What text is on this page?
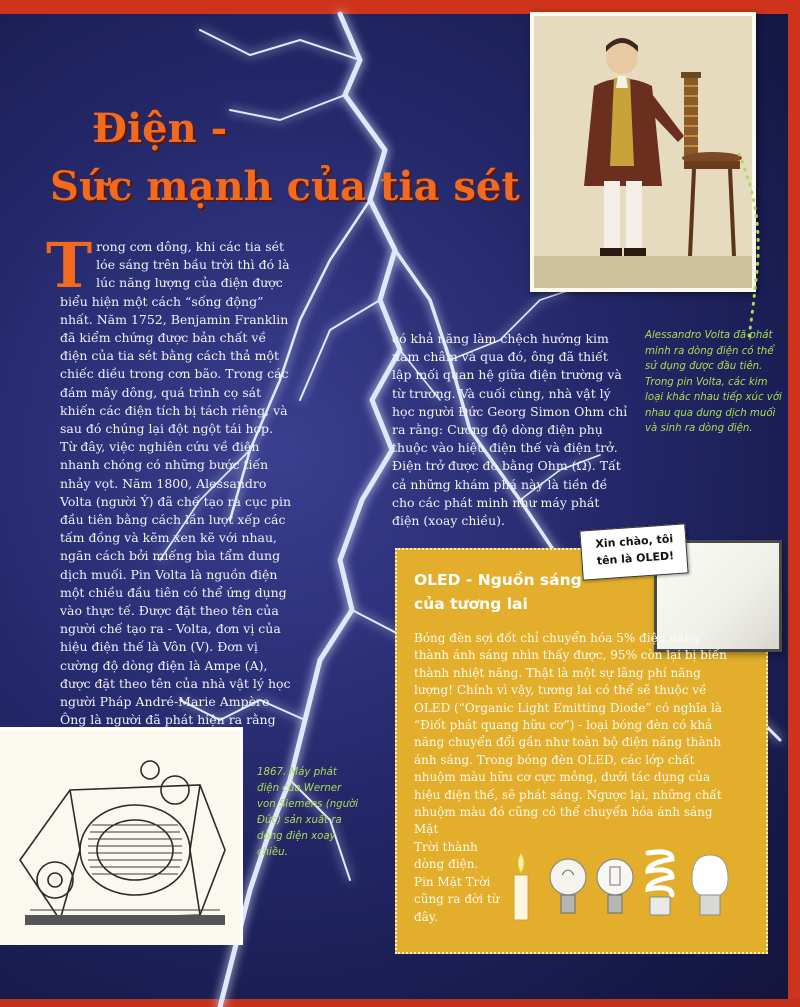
Điện -
Sức mạnh của tia sét

Trong cơn dông, khi các tia sét lóe sáng trên bầu trời thì đó là lúc năng lượng của điện được biểu hiện một cách “sống động” nhất. Năm 1752, Benjamin Franklin đã kiểm chứng được bản chất về điện của tia sét bằng cách thả một chiếc diều trong cơn bão. Trong các đám mây dông, quá trình cọ sát khiến các điện tích bị tách riêng, và sau đó chúng lại đột ngột tái hợp. Từ đây, việc nghiên cứu về điện nhanh chóng có những bước tiến nhảy vọt. Năm 1800, Alessandro Volta (người Ý) đã chế tạo ra cục pin đầu tiên bằng cách lần lượt xếp các tấm đồng và kẽm xen kẽ với nhau, ngăn cách bởi miếng bìa tẩm dung dịch muối. Pin Volta là nguồn điện một chiều đầu tiên có thể ứng dụng vào thực tế. Được đặt theo tên của người chế tạo ra - Volta, đơn vị của hiệu điện thế là Vôn (V). Đơn vị cường độ dòng điện là Ampe (A), được đặt theo tên của nhà vật lý học người Pháp André-Marie Ampère. Ông là người đã phát hiện ra rằng

có khả năng làm chệch hướng kim nam châm và qua đó, ông đã thiết lập mối quan hệ giữa điện trường và từ trường. Và cuối cùng, nhà vật lý học người Đức Georg Simon Ohm chỉ ra rằng: Cường độ dòng điện phụ thuộc vào hiệu điện thế và điện trở. Điện trở được đo bằng Ohm (Ω). Tất cả những khám phá này là tiền đề cho các phát minh như máy phát điện (xoay chiều).

Alessandro Volta đã phát minh ra dòng điện có thể sử dụng được đầu tiên. Trong pin Volta, các kim loại khác nhau tiếp xúc với nhau qua dung dịch muối và sinh ra dòng điện.

1867. Máy phát điện của Werner von Siemens (người Đức) sản xuất ra dòng điện xoay chiều.

Xin chào, tôi
tên là OLED!
OLED - Nguồn sáng
của tương lai

Bóng đèn sợi đốt chỉ chuyển hóa 5% điện năng thành ánh sáng nhìn thấy được, 95% còn lại bị biến thành nhiệt năng. Thật là một sự lãng phí năng lượng! Chính vì vậy, tương lai có thể sẽ thuộc về OLED (“Organic Light Emitting Diode” có nghĩa là “Điốt phát quang hữu cơ”) - loại bóng đèn có khả năng chuyển đổi gần như toàn bộ điện năng thành ánh sáng. Trong bóng đèn OLED, các lớp chất nhuộm màu hữu cơ cực mỏng, dưới tác dụng của hiệu điện thế, sẽ phát sáng. Ngược lại, những chất nhuộm màu đó cũng có thể chuyển hóa ánh sáng Mặt
Trời thành dòng điện. Pin Mặt Trời cũng ra đời từ đây.
